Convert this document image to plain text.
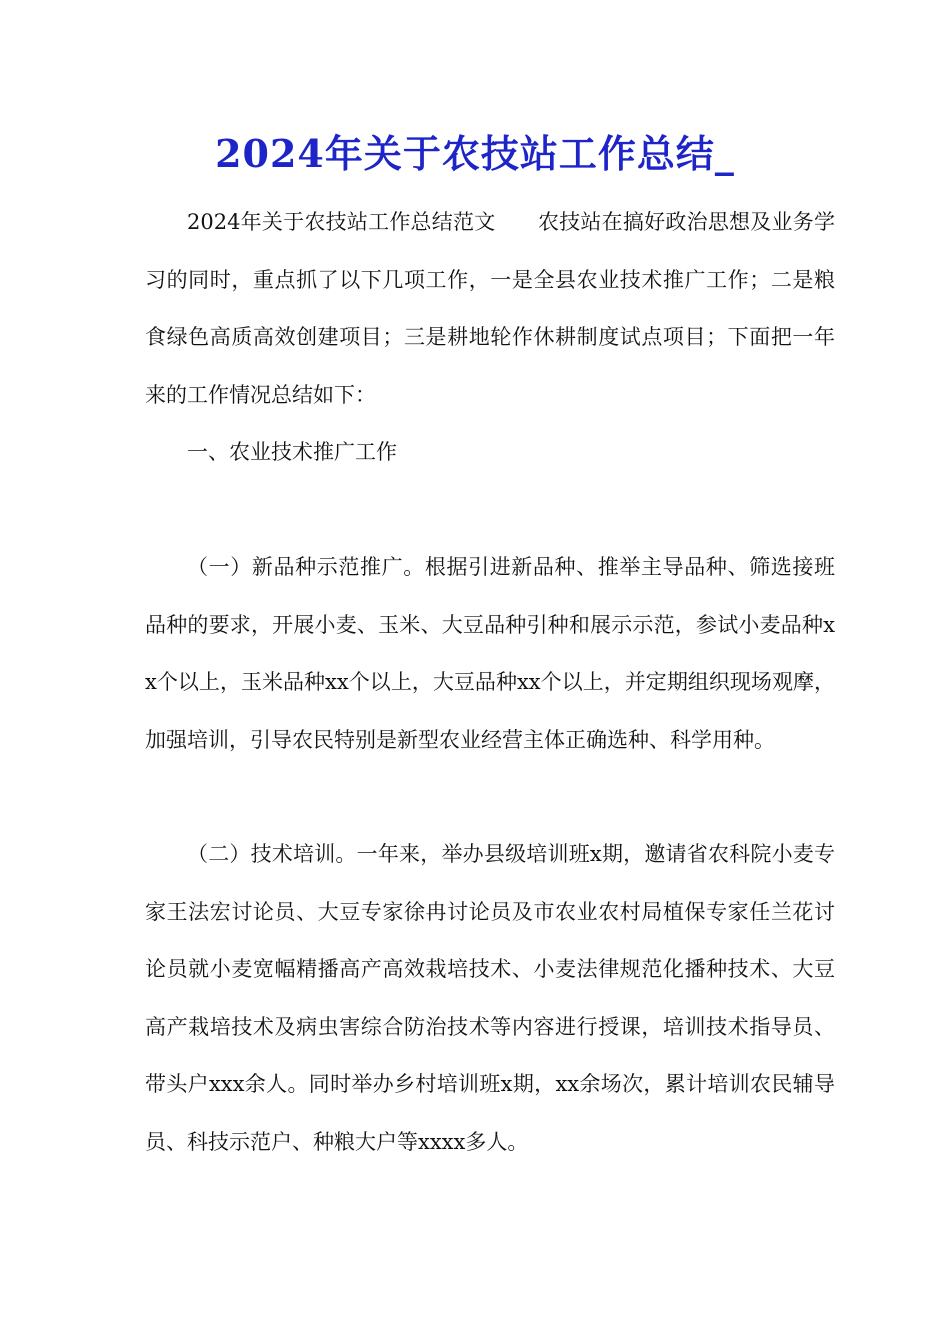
2024年关于农技站工作总结_

2024年关于农技站工作总结范文　　农技站在搞好政治思想及业务学习的同时，重点抓了以下几项工作，一是全县农业技术推广工作；二是粮食绿色高质高效创建项目；三是耕地轮作休耕制度试点项目；下面把一年来的工作情况总结如下：

一、农业技术推广工作

（一）新品种示范推广。根据引进新品种、推举主导品种、筛选接班品种的要求，开展小麦、玉米、大豆品种引种和展示示范，参试小麦品种xx个以上，玉米品种xx个以上，大豆品种xx个以上，并定期组织现场观摩，加强培训，引导农民特别是新型农业经营主体正确选种、科学用种。

（二）技术培训。一年来，举办县级培训班x期，邀请省农科院小麦专家王法宏讨论员、大豆专家徐冉讨论员及市农业农村局植保专家任兰花讨论员就小麦宽幅精播高产高效栽培技术、小麦法律规范化播种技术、大豆高产栽培技术及病虫害综合防治技术等内容进行授课，培训技术指导员、带头户xxx余人。同时举办乡村培训班x期，xx余场次，累计培训农民辅导员、科技示范户、种粮大户等xxxx多人。
